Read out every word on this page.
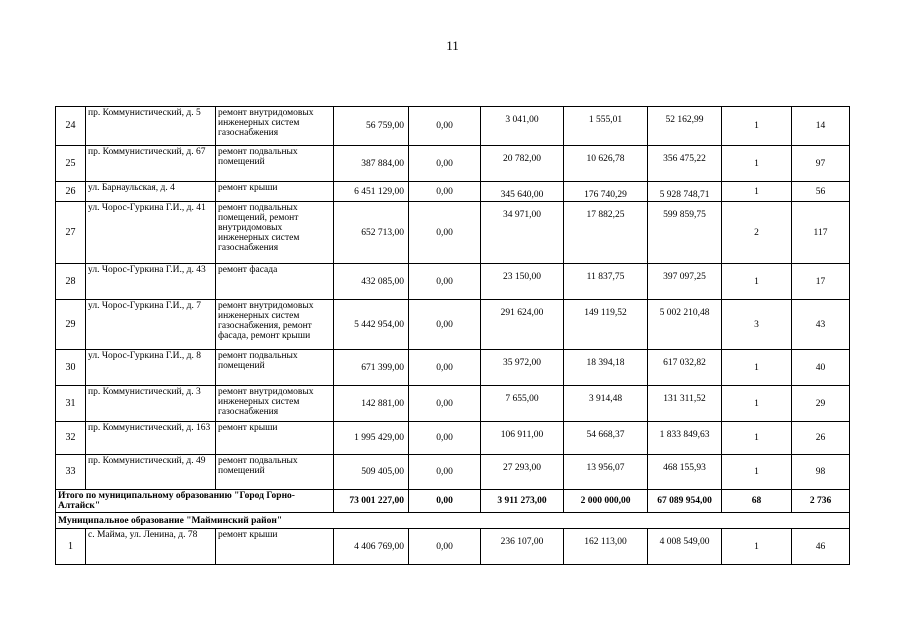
11
24	пр. Коммунистический, д. 5	ремонт внутридомовых инженерных систем газоснабжения	56 759,00	0,00	3 041,00	1 555,01	52 162,99	1	14
25	пр. Коммунистический, д. 67	ремонт подвальных помещений	387 884,00	0,00	20 782,00	10 626,78	356 475,22	1	97
26	ул. Барнаульская, д. 4	ремонт крыши	6 451 129,00	0,00	345 640,00	176 740,29	5 928 748,71	1	56
27	ул. Чорос-Гуркина Г.И., д. 41	ремонт подвальных помещений, ремонт внутридомовых инженерных систем газоснабжения	652 713,00	0,00	34 971,00	17 882,25	599 859,75	2	117
28	ул. Чорос-Гуркина Г.И., д. 43	ремонт фасада	432 085,00	0,00	23 150,00	11 837,75	397 097,25	1	17
29	ул. Чорос-Гуркина Г.И., д. 7	ремонт внутридомовых инженерных систем газоснабжения, ремонт фасада, ремонт крыши	5 442 954,00	0,00	291 624,00	149 119,52	5 002 210,48	3	43
30	ул. Чорос-Гуркина Г.И., д. 8	ремонт подвальных помещений	671 399,00	0,00	35 972,00	18 394,18	617 032,82	1	40
31	пр. Коммунистический, д. 3	ремонт внутридомовых инженерных систем газоснабжения	142 881,00	0,00	7 655,00	3 914,48	131 311,52	1	29
32	пр. Коммунистический, д. 163	ремонт крыши	1 995 429,00	0,00	106 911,00	54 668,37	1 833 849,63	1	26
33	пр. Коммунистический, д. 49	ремонт подвальных помещений	509 405,00	0,00	27 293,00	13 956,07	468 155,93	1	98
Итого по муниципальному образованию "Город Горно-Алтайск"			73 001 227,00	0,00	3 911 273,00	2 000 000,00	67 089 954,00	68	2 736
Муниципальное образование "Майминский район"									
1	с. Майма, ул. Ленина, д. 78	ремонт крыши	4 406 769,00	0,00	236 107,00	162 113,00	4 008 549,00	1	46
